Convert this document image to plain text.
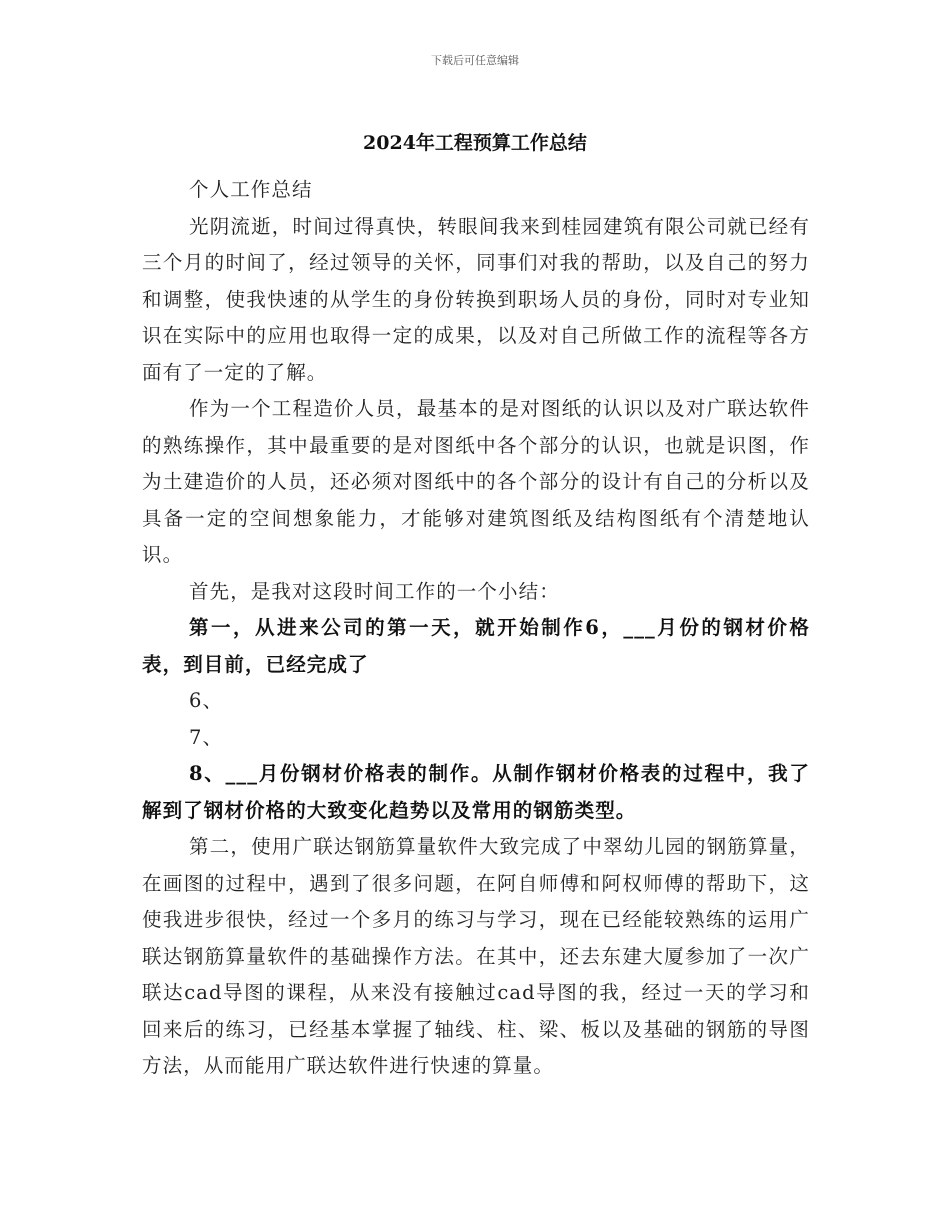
下载后可任意编辑
2024年工程预算工作总结

个人工作总结

光阴流逝，时间过得真快，转眼间我来到桂园建筑有限公司就已经有三个月的时间了，经过领导的关怀，同事们对我的帮助，以及自己的努力和调整，使我快速的从学生的身份转换到职场人员的身份，同时对专业知识在实际中的应用也取得一定的成果，以及对自己所做工作的流程等各方面有了一定的了解。

作为一个工程造价人员，最基本的是对图纸的认识以及对广联达软件的熟练操作，其中最重要的是对图纸中各个部分的认识，也就是识图，作为土建造价的人员，还必须对图纸中的各个部分的设计有自己的分析以及具备一定的空间想象能力，才能够对建筑图纸及结构图纸有个清楚地认识。

首先，是我对这段时间工作的一个小结：

第一，从进来公司的第一天，就开始制作6，___月份的钢材价格表，到目前，已经完成了

6、

7、

8、___月份钢材价格表的制作。从制作钢材价格表的过程中，我了解到了钢材价格的大致变化趋势以及常用的钢筋类型。

第二，使用广联达钢筋算量软件大致完成了中翠幼儿园的钢筋算量，在画图的过程中，遇到了很多问题，在阿自师傅和阿权师傅的帮助下，这使我进步很快，经过一个多月的练习与学习，现在已经能较熟练的运用广联达钢筋算量软件的基础操作方法。在其中，还去东建大厦参加了一次广联达cad导图的课程，从来没有接触过cad导图的我，经过一天的学习和回来后的练习，已经基本掌握了轴线、柱、梁、板以及基础的钢筋的导图方法，从而能用广联达软件进行快速的算量。
